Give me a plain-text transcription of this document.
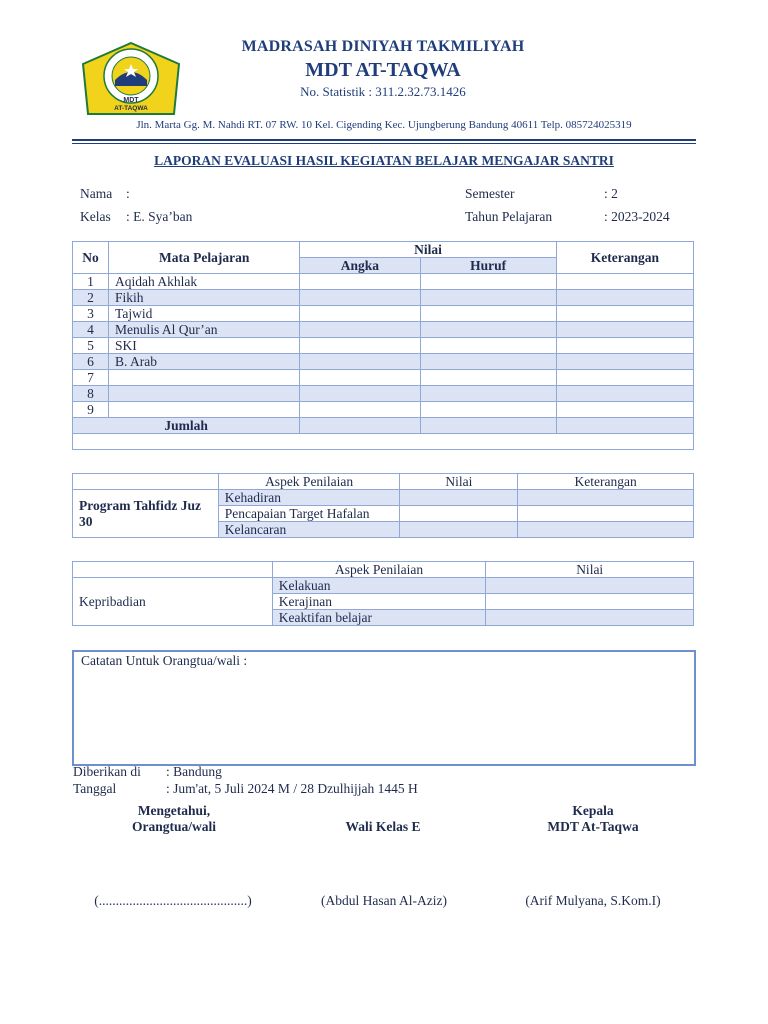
MDT
AT-TAQWA
MADRASAH DINIYAH TAKMILIYAH
MDT AT-TAQWA
No. Statistik : 311.2.32.73.1426
Jln. Marta Gg. M. Nahdi RT. 07 RW. 10 Kel. Cigending Kec. Ujungberung Bandung 40611 Telp. 085724025319
LAPORAN EVALUASI HASIL KEGIATAN BELAJAR MENGAJAR SANTRI
Nama :
Kelas : E. Sya’ban
Semester	: 2
Tahun Pelajaran	: 2023-2024
No	Mata Pelajaran	Nilai		Keterangan
		Angka	Huruf	
1	Aqidah Akhlak			
2	Fikih			
3	Tajwid			
4	Menulis Al Qur’an			
5	SKI			
6	B. Arab			
7				
8				
9				
Jumlah				

	Aspek Penilaian	Nilai	Keterangan
Program Tahfidz Juz 30	Kehadiran		
	Pencapaian Target Hafalan		
	Kelancaran		
	Aspek Penilaian	Nilai
Kepribadian	Kelakuan	
	Kerajinan	
	Keaktifan belajar	
Catatan Untuk Orangtua/wali :
Diberikan di : Bandung
Tanggal	: Jum'at, 5 Juli 2024 M / 28 Dzulhijjah 1445 H
Mengetahui,
Orangtua/wali	Wali Kelas E
Kepala
MDT At-Taqwa
(............................................)	(Abdul Hasan Al-Aziz)	(Arif Mulyana, S.Kom.I)
